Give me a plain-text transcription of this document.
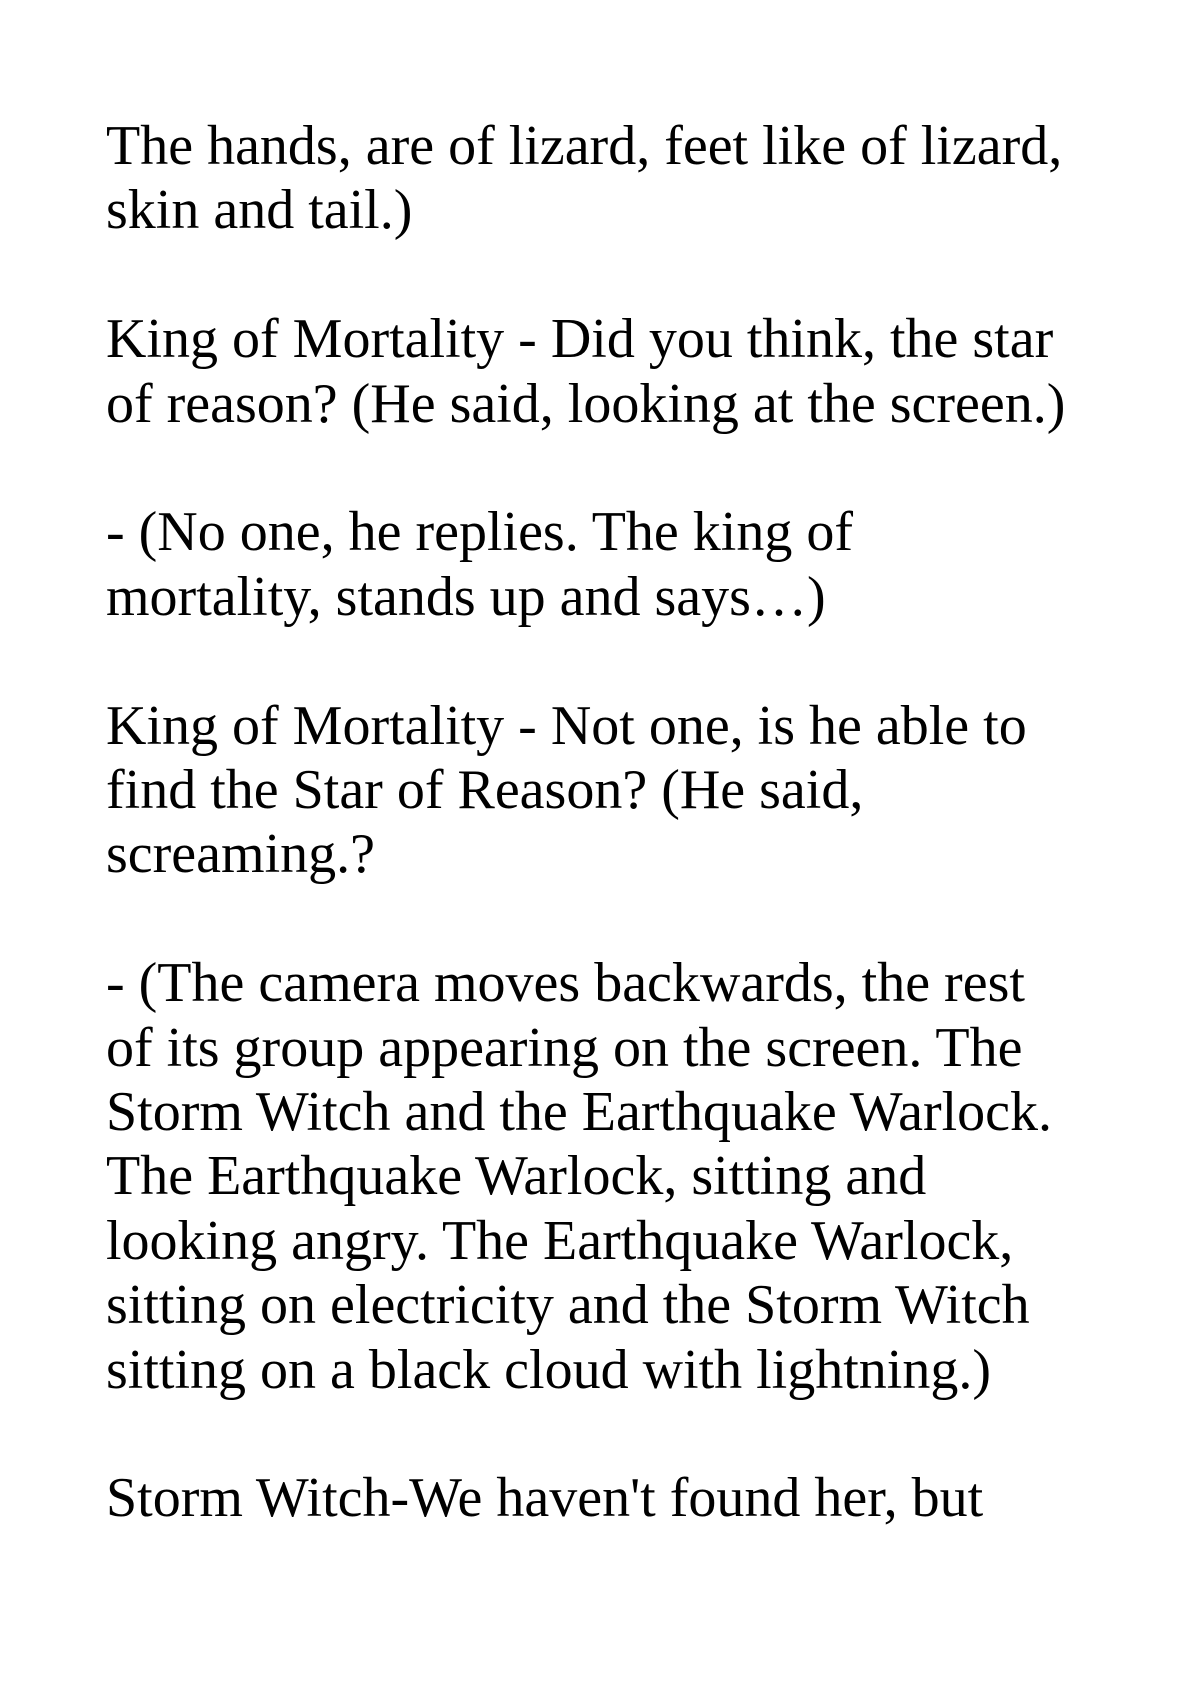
The hands, are of lizard, feet like of lizard,
skin and tail.)
King of Mortality - Did you think, the star
of reason? (He said, looking at the screen.)
- (No one, he replies. The king of
mortality, stands up and says…)
King of Mortality - Not one, is he able to
find the Star of Reason? (He said,
screaming.?
- (The camera moves backwards, the rest
of its group appearing on the screen. The
Storm Witch and the Earthquake Warlock.
The Earthquake Warlock, sitting and
looking angry. The Earthquake Warlock,
sitting on electricity and the Storm Witch
sitting on a black cloud with lightning.)
Storm Witch-We haven't found her, but
